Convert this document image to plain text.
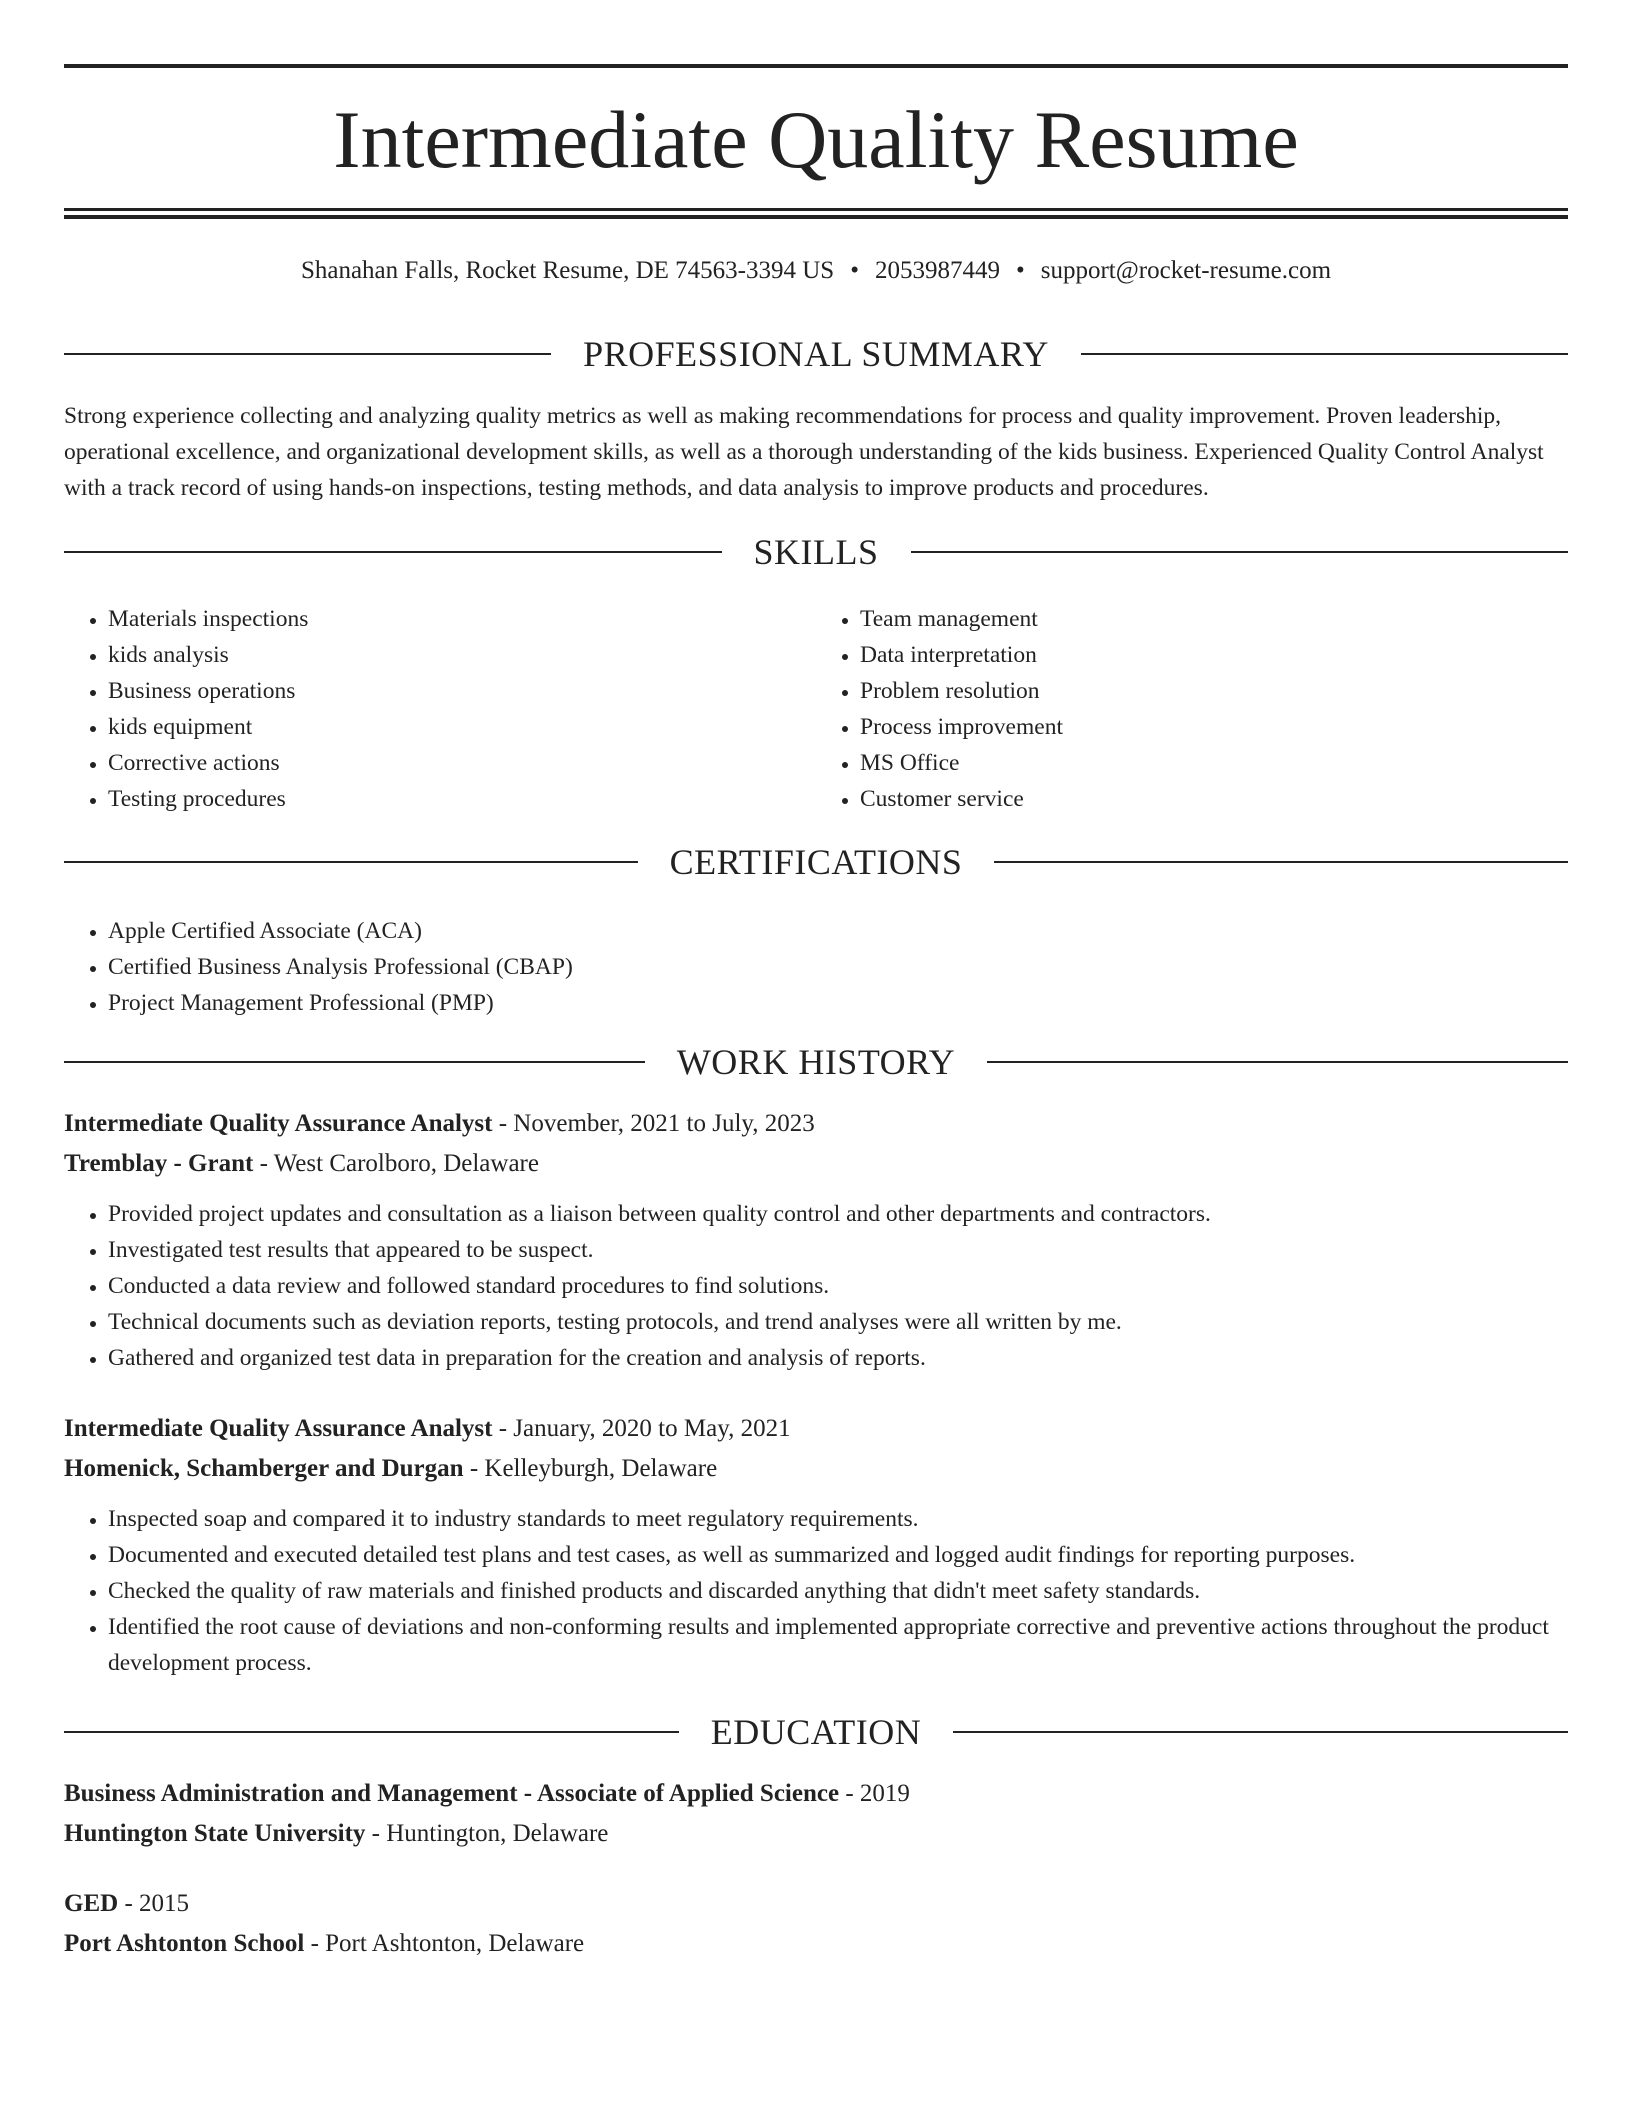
Intermediate Quality Resume
Shanahan Falls, Rocket Resume, DE 74563-3394 US • 2053987449 • support@rocket-resume.com
PROFESSIONAL SUMMARY
Strong experience collecting and analyzing quality metrics as well as making recommendations for process and quality improvement. Proven leadership, operational excellence, and organizational development skills, as well as a thorough understanding of the kids business. Experienced Quality Control Analyst with a track record of using hands-on inspections, testing methods, and data analysis to improve products and procedures.
SKILLS
• Materials inspections
• kids analysis
• Business operations
• kids equipment
• Corrective actions
• Testing procedures
• Team management
• Data interpretation
• Problem resolution
• Process improvement
• MS Office
• Customer service
CERTIFICATIONS
• Apple Certified Associate (ACA)
• Certified Business Analysis Professional (CBAP)
• Project Management Professional (PMP)
WORK HISTORY
Intermediate Quality Assurance Analyst - November, 2021 to July, 2023
Tremblay - Grant - West Carolboro, Delaware
• Provided project updates and consultation as a liaison between quality control and other departments and contractors.
• Investigated test results that appeared to be suspect.
• Conducted a data review and followed standard procedures to find solutions.
• Technical documents such as deviation reports, testing protocols, and trend analyses were all written by me.
• Gathered and organized test data in preparation for the creation and analysis of reports.
Intermediate Quality Assurance Analyst - January, 2020 to May, 2021
Homenick, Schamberger and Durgan - Kelleyburgh, Delaware
• Inspected soap and compared it to industry standards to meet regulatory requirements.
• Documented and executed detailed test plans and test cases, as well as summarized and logged audit findings for reporting purposes.
• Checked the quality of raw materials and finished products and discarded anything that didn't meet safety standards.
• Identified the root cause of deviations and non-conforming results and implemented appropriate corrective and preventive actions throughout the product development process.
EDUCATION
Business Administration and Management - Associate of Applied Science - 2019
Huntington State University - Huntington, Delaware
GED - 2015
Port Ashtonton School - Port Ashtonton, Delaware
